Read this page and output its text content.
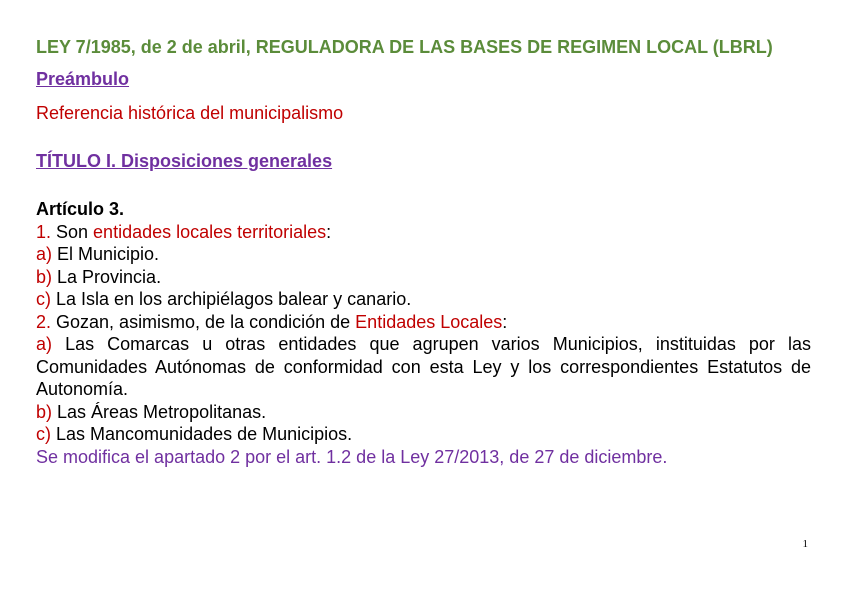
LEY 7/1985, de 2 de abril, REGULADORA DE LAS BASES DE REGIMEN LOCAL (LBRL)
Preámbulo
Referencia histórica del municipalismo
TÍTULO I. Disposiciones generales
Artículo 3.
1. Son entidades locales territoriales:
a) El Municipio.
b) La Provincia.
c) La Isla en los archipiélagos balear y canario.
2. Gozan, asimismo, de la condición de Entidades Locales:
a) Las Comarcas u otras entidades que agrupen varios Municipios, instituidas por las Comunidades Autónomas de conformidad con esta Ley y los correspondientes Estatutos de Autonomía.
b) Las Áreas Metropolitanas.
c) Las Mancomunidades de Municipios.
Se modifica el apartado 2 por el art. 1.2 de la Ley 27/2013, de 27 de diciembre.
1
